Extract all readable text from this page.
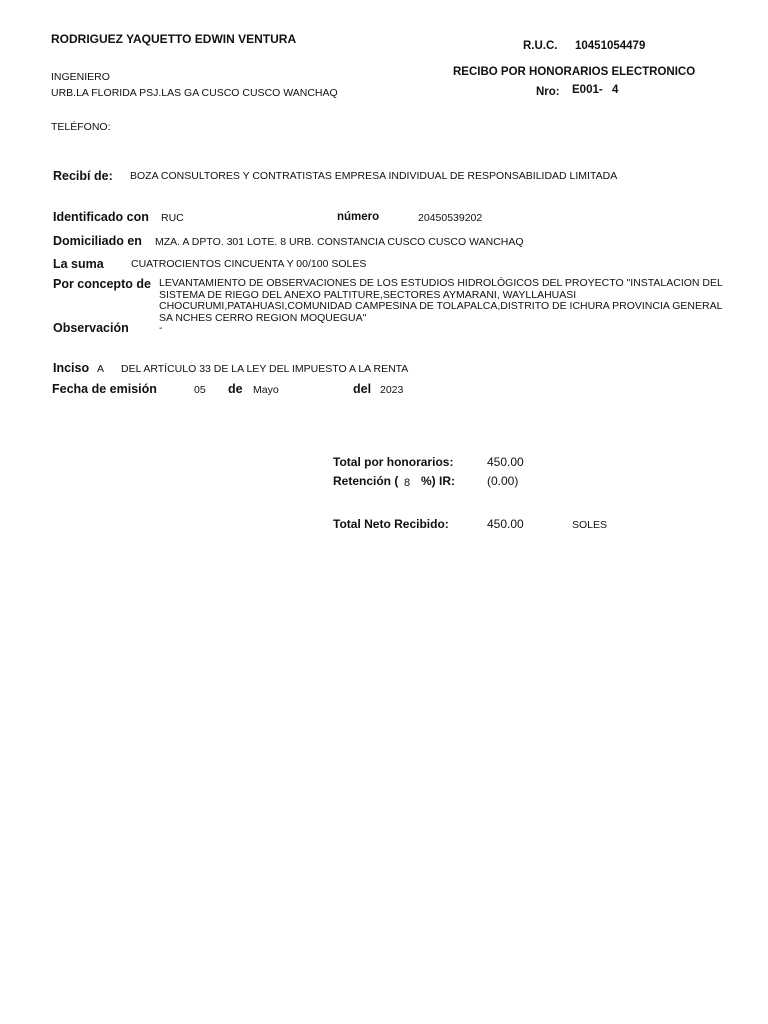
RODRIGUEZ YAQUETTO EDWIN VENTURA	R.U.C. 10451054479
INGENIERO	RECIBO POR HONORARIOS ELECTRONICO
URB.LA FLORIDA PSJ.LAS GA CUSCO CUSCO WANCHAQ	Nro: E001- 4
TELÉFONO:
Recibí de: BOZA CONSULTORES Y CONTRATISTAS EMPRESA INDIVIDUAL DE RESPONSABILIDAD LIMITADA
Identificado con RUC	número	20450539202
Domiciliado en MZA. A DPTO. 301 LOTE. 8 URB. CONSTANCIA CUSCO CUSCO WANCHAQ
La suma	CUATROCIENTOS CINCUENTA Y 00/100 SOLES
Por concepto de LEVANTAMIENTO DE OBSERVACIONES DE LOS ESTUDIOS HIDROLÓGICOS DEL PROYECTO "INSTALACION DEL SISTEMA DE RIEGO DEL ANEXO PALTITURE,SECTORES AYMARANI, WAYLLAHUASI CHOCURUMI,PATAHUASI,COMUNIDAD CAMPESINA DE TOLAPALCA,DISTRITO DE ICHURA PROVINCIA GENERAL SA NCHES CERRO REGION MOQUEGUA"
Observación	-
Inciso A DEL ARTÍCULO 33 DE LA LEY DEL IMPUESTO A LA RENTA
Fecha de emisión	05 de Mayo	del 2023
Total por honorarios:	450.00
Retención ( 8 %) IR:	(0.00)
Total Neto Recibido:	450.00	SOLES
